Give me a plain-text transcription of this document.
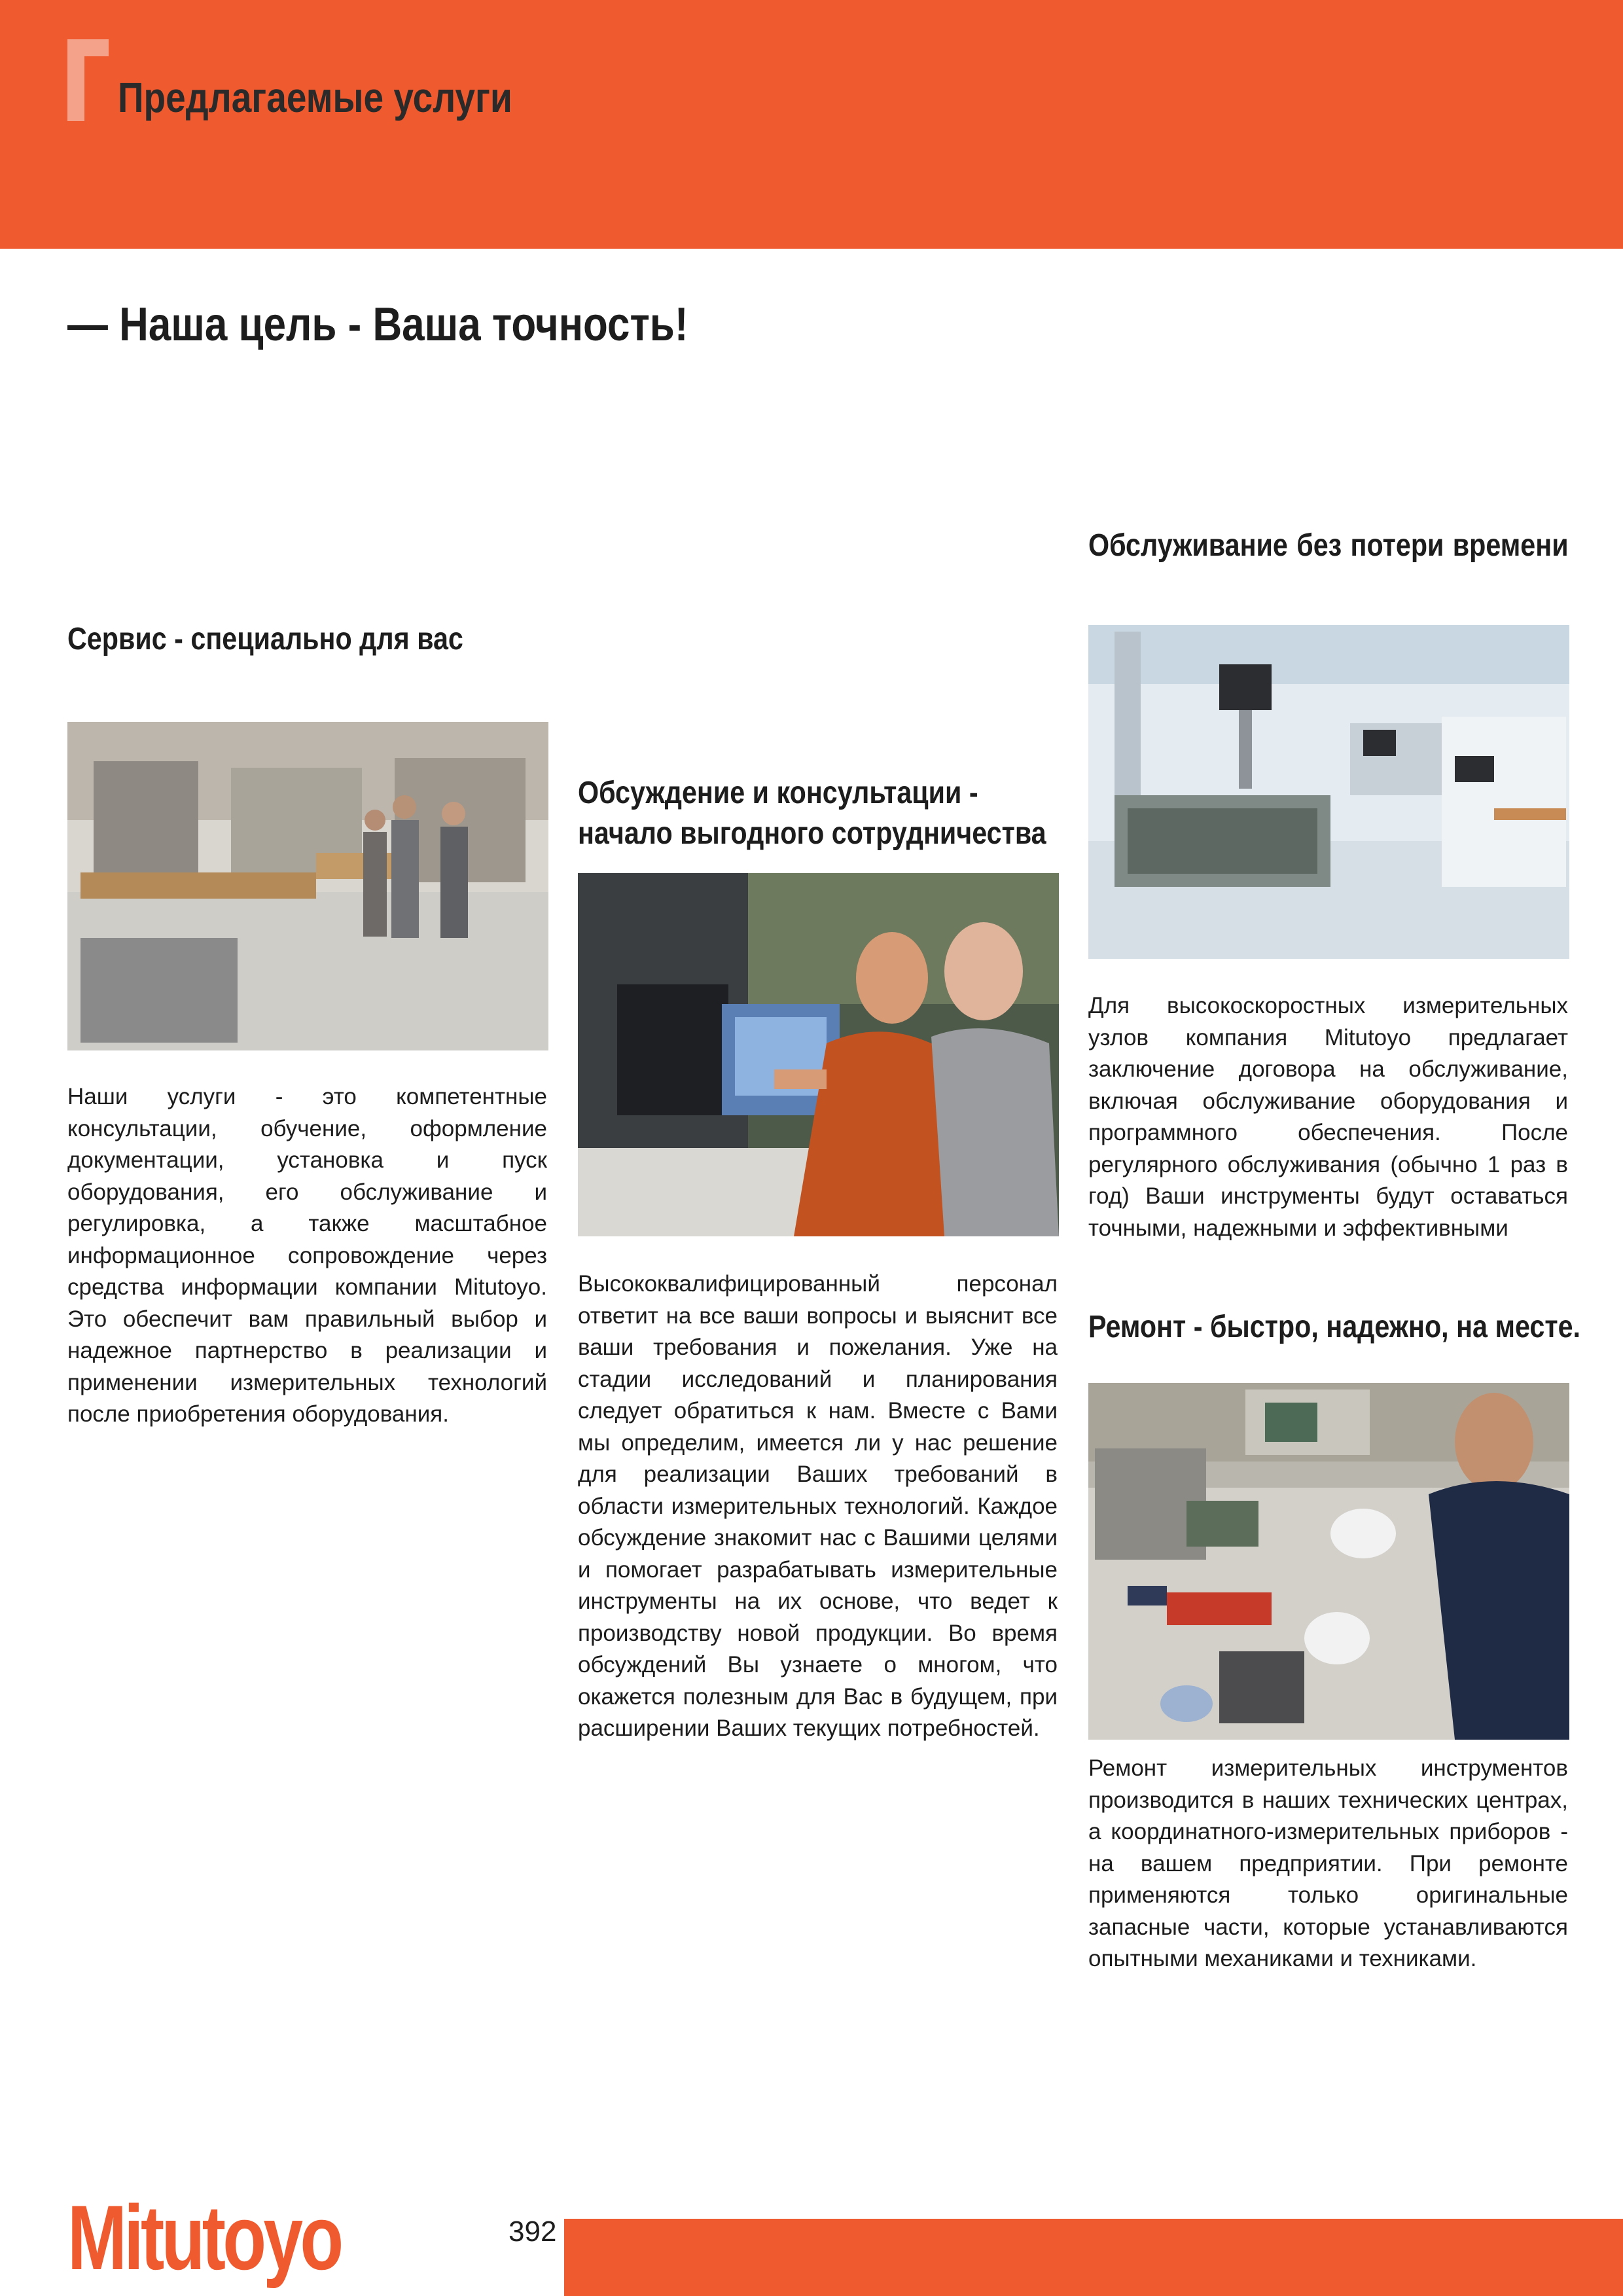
Предлагаемые услуги
— Наша цель - Ваша точность!
Сервис - специально для вас
Наши услуги - это компетентные консультации, обучение, оформление документации, установка и пуск оборудования, его обслуживание и регулировка, а также масштабное информационное сопровождение через средства информации компании Mitutoyo. Это обеспечит вам правильный выбор и надежное партнерство в реализации и применении измерительных технологий после приобретения оборудования.
Обсуждение и консультации -
начало выгодного сотрудничества
Высококвалифицированный персонал ответит на все ваши вопросы и выяснит все ваши требования и пожелания. Уже на стадии исследований и планирования следует обратиться к нам. Вместе с Вами мы определим, имеется ли у нас решение для реализации Ваших требований в области измерительных технологий. Каждое обсуждение знакомит нас с Вашими целями и помогает разрабатывать измерительные инструменты на их основе, что ведет к производству новой продукции. Во время обсуждений Вы узнаете о многом, что окажется полезным для Вас в будущем, при расширении Ваших текущих потребностей.
Обслуживание без потери времени
Для высокоскоростных измерительных узлов компания Mitutoyo предлагает заключение договора на обслуживание, включая обслуживание оборудования и программного обеспечения. После регулярного обслуживания (обычно 1 раз в год) Ваши инструменты будут оставаться точными, надежными и эффективными
Ремонт - быстро, надежно, на месте.
Ремонт измерительных инструментов производится в наших технических центрах, а координатного-измерительных приборов - на вашем предприятии. При ремонте применяются только оригинальные запасные части, которые устанавливаются опытными механиками и техниками.
Mitutoyo	392
